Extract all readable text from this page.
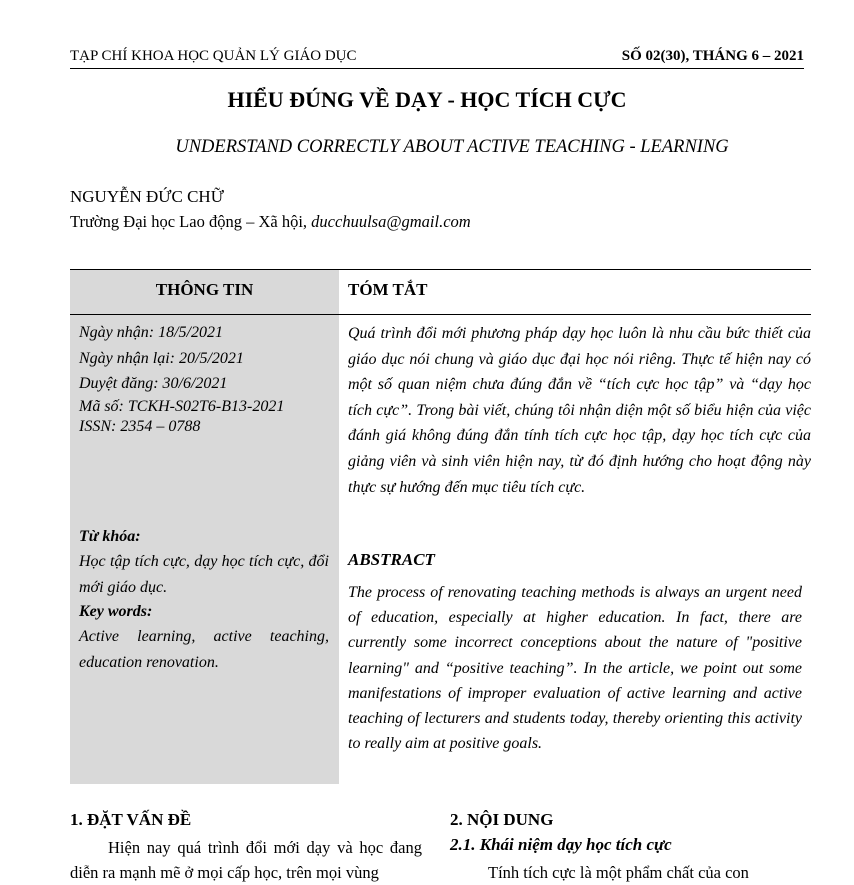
TẠP CHÍ KHOA HỌC QUẢN LÝ GIÁO DỤC	SỐ 02(30), THÁNG 6 – 2021
HIỂU ĐÚNG VỀ DẠY - HỌC TÍCH CỰC
UNDERSTAND CORRECTLY ABOUT ACTIVE TEACHING - LEARNING
NGUYỄN ĐỨC CHỮ
Trường Đại học Lao động – Xã hội, ducchuulsa@gmail.com
THÔNG TIN	TÓM TẮT
Ngày nhận: 18/5/2021
Ngày nhận lại: 20/5/2021
Duyệt đăng: 30/6/2021
Mã số: TCKH-S02T6-B13-2021
ISSN: 2354 – 0788
Từ khóa:
Học tập tích cực, dạy học tích cực, đổi mới giáo dục.
Key words:
Active learning, active teaching, education renovation.
Quá trình đổi mới phương pháp dạy học luôn là nhu cầu bức thiết của giáo dục nói chung và giáo dục đại học nói riêng. Thực tế hiện nay có một số quan niệm chưa đúng đắn về “tích cực học tập” và “dạy học tích cực”. Trong bài viết, chúng tôi nhận diện một số biểu hiện của việc đánh giá không đúng đắn tính tích cực học tập, dạy học tích cực của giảng viên và sinh viên hiện nay, từ đó định hướng cho hoạt động này thực sự hướng đến mục tiêu tích cực.
ABSTRACT
The process of renovating teaching methods is always an urgent need of education, especially at higher education. In fact, there are currently some incorrect conceptions about the nature of "positive learning" and “positive teaching”. In the article, we point out some manifestations of improper evaluation of active learning and active teaching of lecturers and students today, thereby orienting this activity to really aim at positive goals.
1. ĐẶT VẤN ĐỀ
Hiện nay quá trình đổi mới dạy và học đang diễn ra mạnh mẽ ở mọi cấp học, trên mọi vùng
2. NỘI DUNG
2.1. Khái niệm dạy học tích cực
Tính tích cực là một phẩm chất của con
